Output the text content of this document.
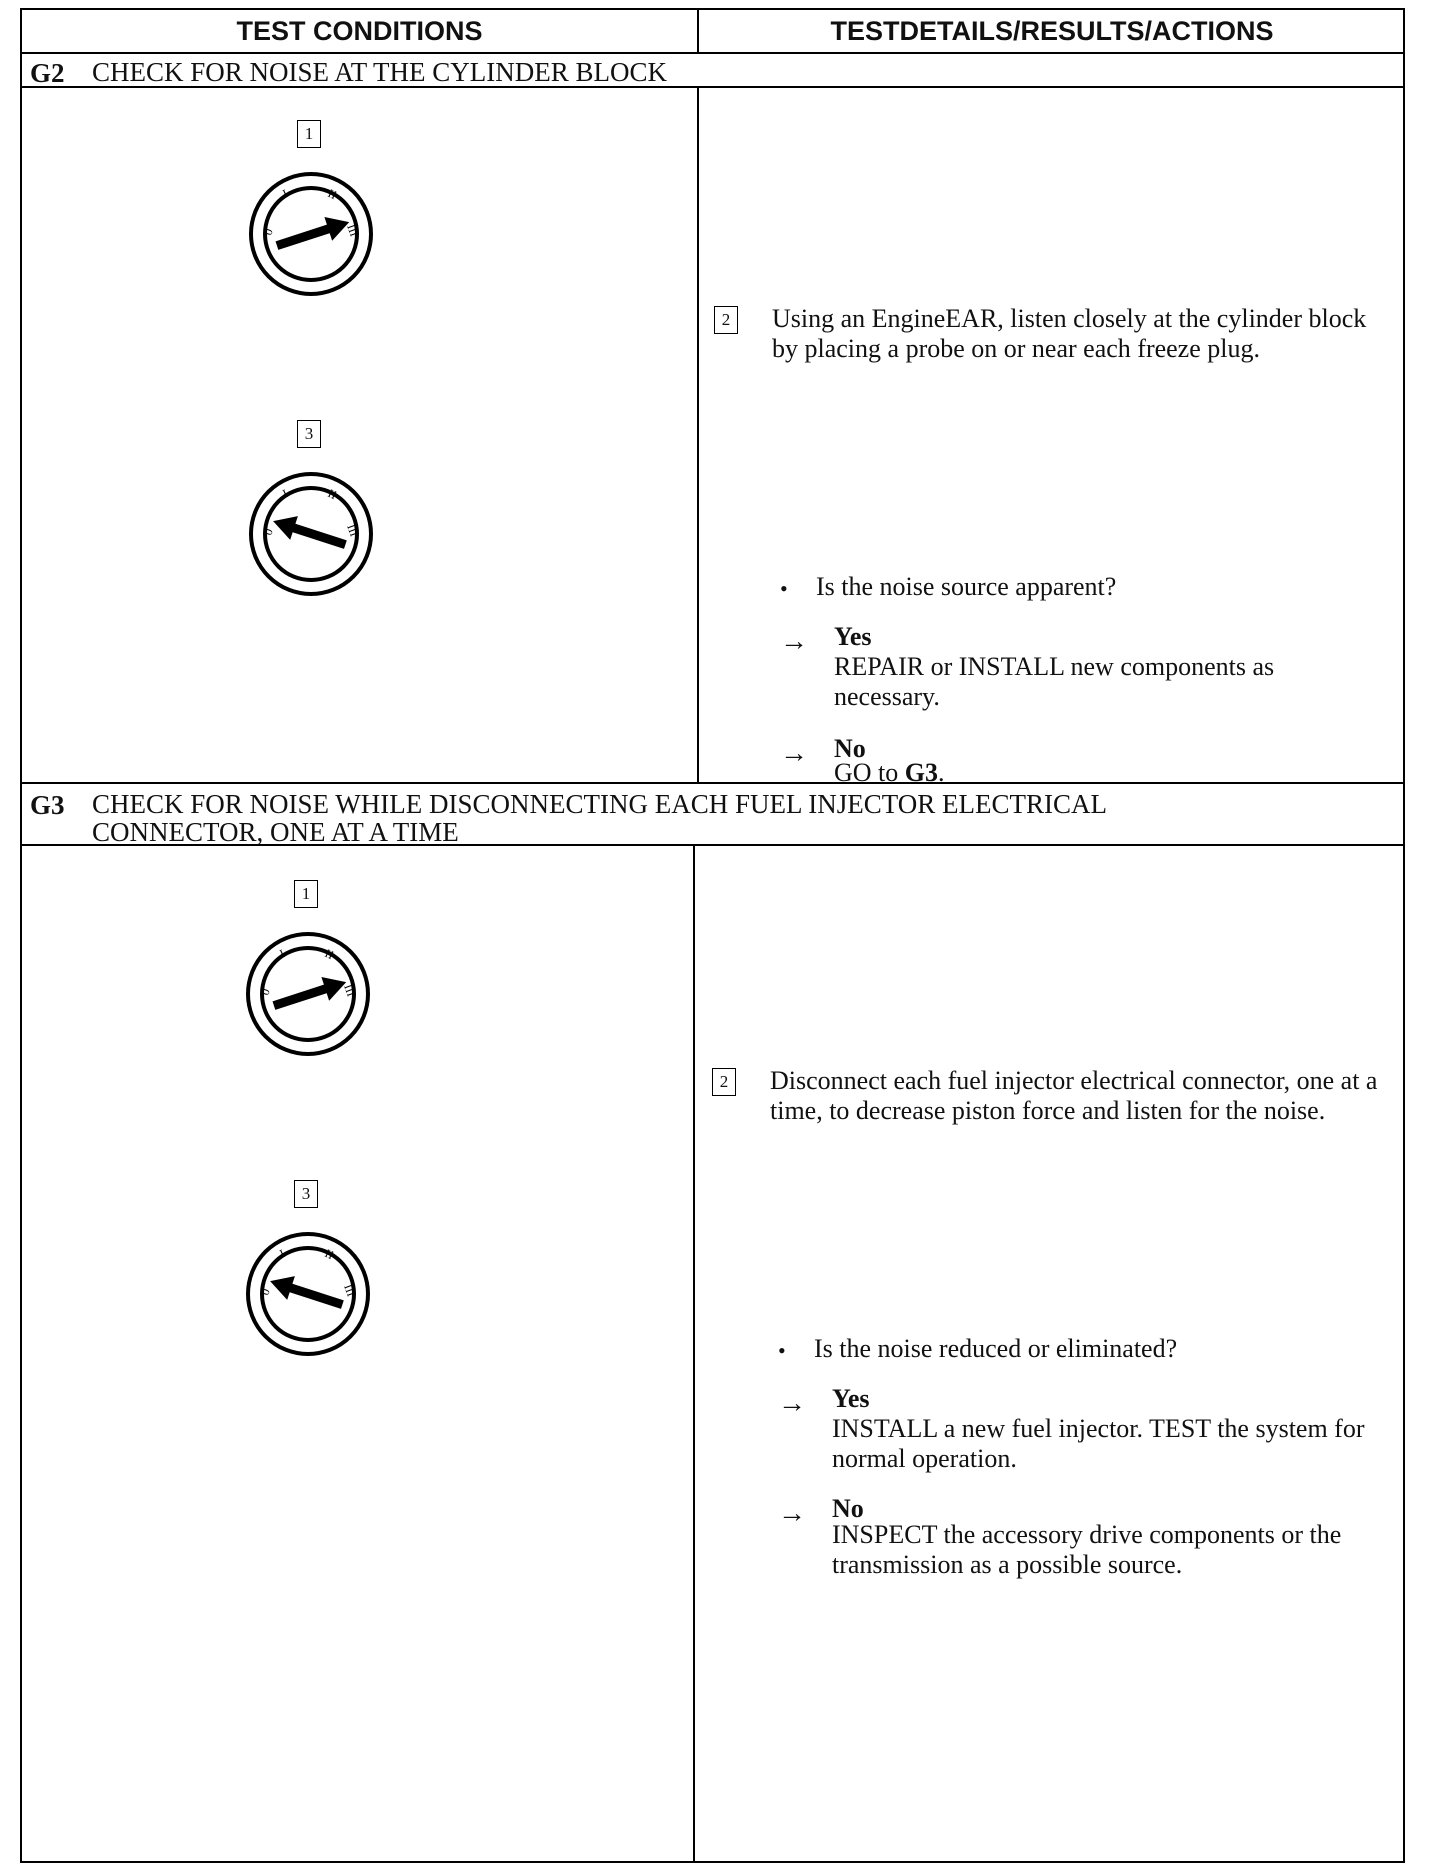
TEST CONDITIONS	TESTDETAILS/RESULTS/ACTIONS
G2 CHECK FOR NOISE AT THE CYLINDER BLOCK
1
0
I	II
III
3
0
I	II
III
2 Using an EngineEAR, listen closely at the cylinder block by placing a probe on or near each freeze plug.
• Is the noise source apparent?
→ Yes
REPAIR or INSTALL new components as necessary.
→ No
GO to G3.
G3 CHECK FOR NOISE WHILE DISCONNECTING EACH FUEL INJECTOR ELECTRICAL
CONNECTOR, ONE AT A TIME
1
0
I	II
III
3
0
I	II
III
2 Disconnect each fuel injector electrical connector, one at a time, to decrease piston force and listen for the noise.
• Is the noise reduced or eliminated?
→ Yes
INSTALL a new fuel injector. TEST the system for normal operation.
→ No
INSPECT the accessory drive components or the transmission as a possible source.
